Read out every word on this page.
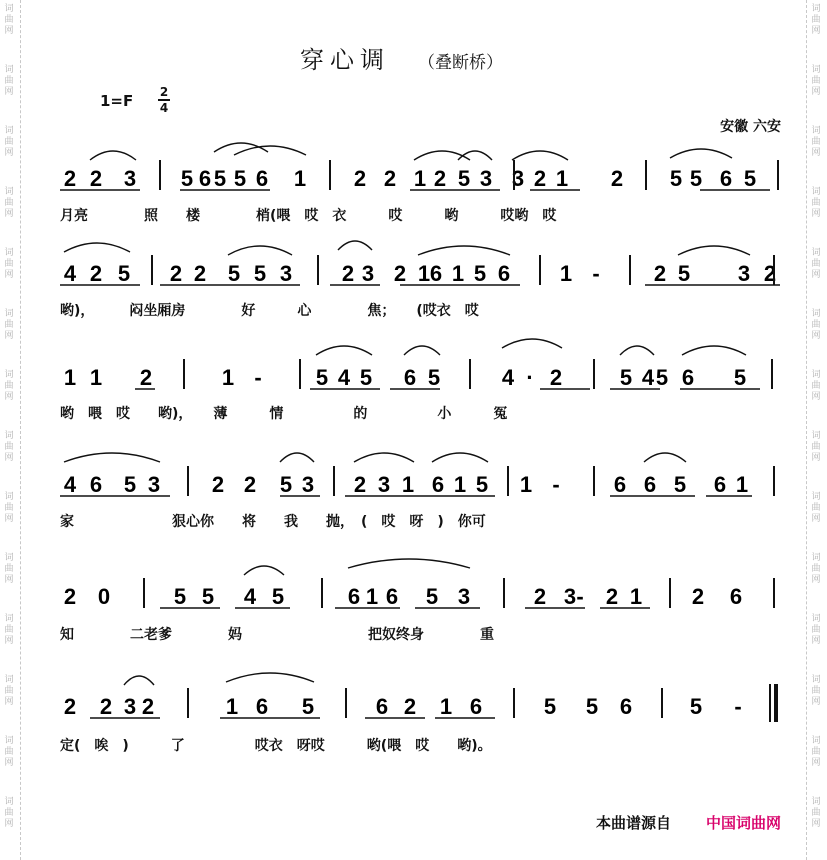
词
曲
网
词
曲
网
词
曲
网
词
曲
网
词
曲
网
词
曲
网
词
曲
网
词
曲
网
词
曲
网
词
曲
网
词
曲
网
词
曲
网
词
曲
网
词
曲
网
词
曲
网
词
曲
网
词
曲
网
词
曲
网
词
曲
网
词
曲
网
词
曲
网
词
曲
网
词
曲
网
词
曲
网
词
曲
网
词
曲
网
词
曲
网
词
曲
网
穿心调 （叠断桥）
1=F 2
4
安徽 六安
2 2 3 5 6 5 5 6 1 2 2 1 2 5 3 3 2 1 2 5 5 6 5
4 2 5 2 2 5 5 3 2 3 2 1 6 1 5 6 1 - 2 5 3 2
1 1 2	1 - 5 4 5 6 5	4 · 2	5 4 5 6 5
4 6 5 3 2 2 5 3 2 3 1 6 1 5 1 - 6 6 5 6 1
2 0	5 5 4 5	6 1 6 5 3	2 3 2 1 2 6
-
2 2 3 2	1 6 5	6 2 1 6	5 5 6	5 -
月亮　　　　照　　楼　　　　梢(喂　哎　衣　　　哎　　　哟　　　哎哟　哎
哟)，　　　闷坐厢房　　　　好　　　心　　　　焦；　　(哎衣　哎
哟　喂　哎　　哟)，　　薄　　　情　　　　　的　　　　　小　　　冤
家　　　　　　　狠心你　　将　　我　　抛，　(　哎　呀　)　你可
知　　　　二老爹　　　　妈　　　　　　　　　把奴终身　　　　重
定(　唉　)　　　了　　　　　哎衣　呀哎　　　哟(喂　哎　　哟)。
本曲谱源自 中国词曲网
